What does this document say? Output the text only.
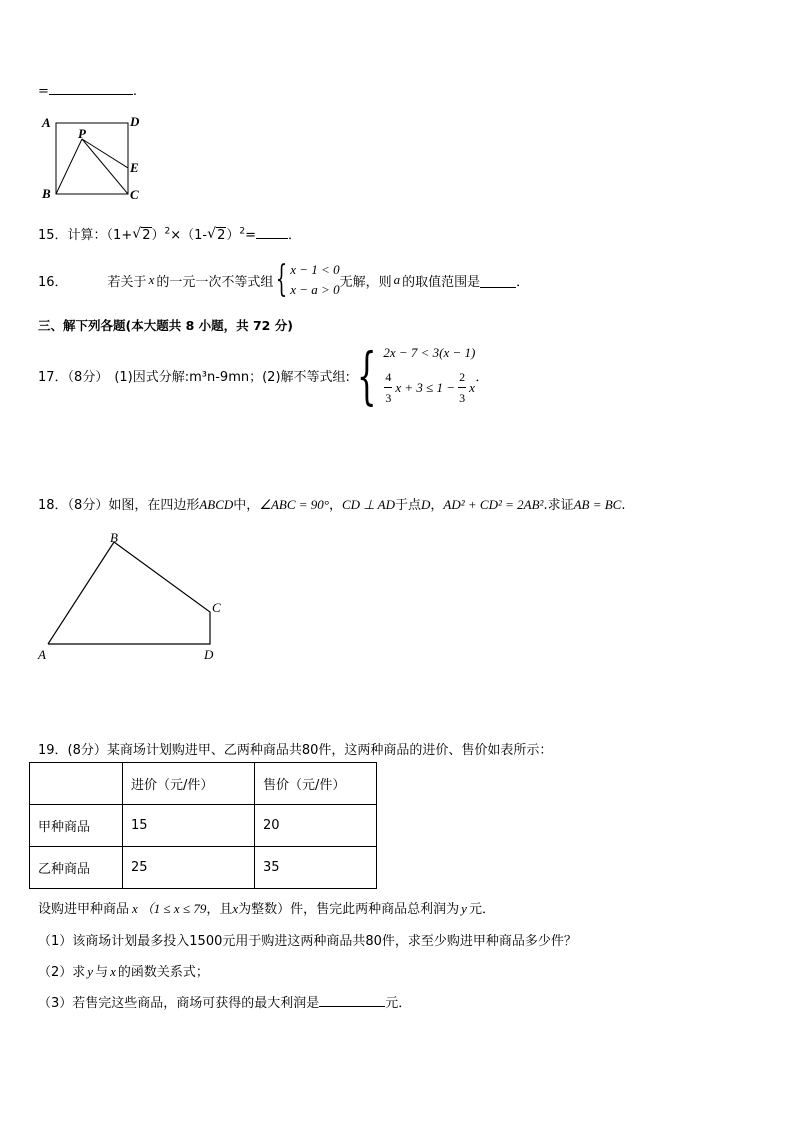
=	.
A	D
P
E
B	C
15．计算：（1+ √ 2）$^2$×（1- √ 2）$^2$= ．
16．	若关于 x 的一元一次不等式组 { x − 1 < 0
x − a > 0 无解，则 a 的取值范围是	．
三、解下列各题(本大题共 8 小题，共 72 分)
17．（8分） (1)因式分解:m³n-9mn；(2)解不等式组: { 2x − 7 < 3(x − 1)
$\frac{4}{3}$ $x + 3 \le 1 - \frac{2}{3}$ x
．
18．（8分）如图，在四边形ABCD中，∠ABC = 90°，CD ⊥ AD于点D，AD² + CD² = 2AB².求证AB = BC.
B
C
A	D
19．(8分）某商场计划购进甲、乙两种商品共80件，这两种商品的进价、售价如表所示：
	进价（元/件）	售价（元/件）
甲种商品	15	20
乙种商品	25	35
设购进甲种商品 x （1 ≤ x ≤ 79，且x为整数）件，售完此两种商品总利润为 y 元．
（1）该商场计划最多投入1500元用于购进这两种商品共80件，求至少购进甲种商品多少件？
（2）求 y 与 x 的函数关系式；
（3）若售完这些商品，商场可获得的最大利润是	元．
